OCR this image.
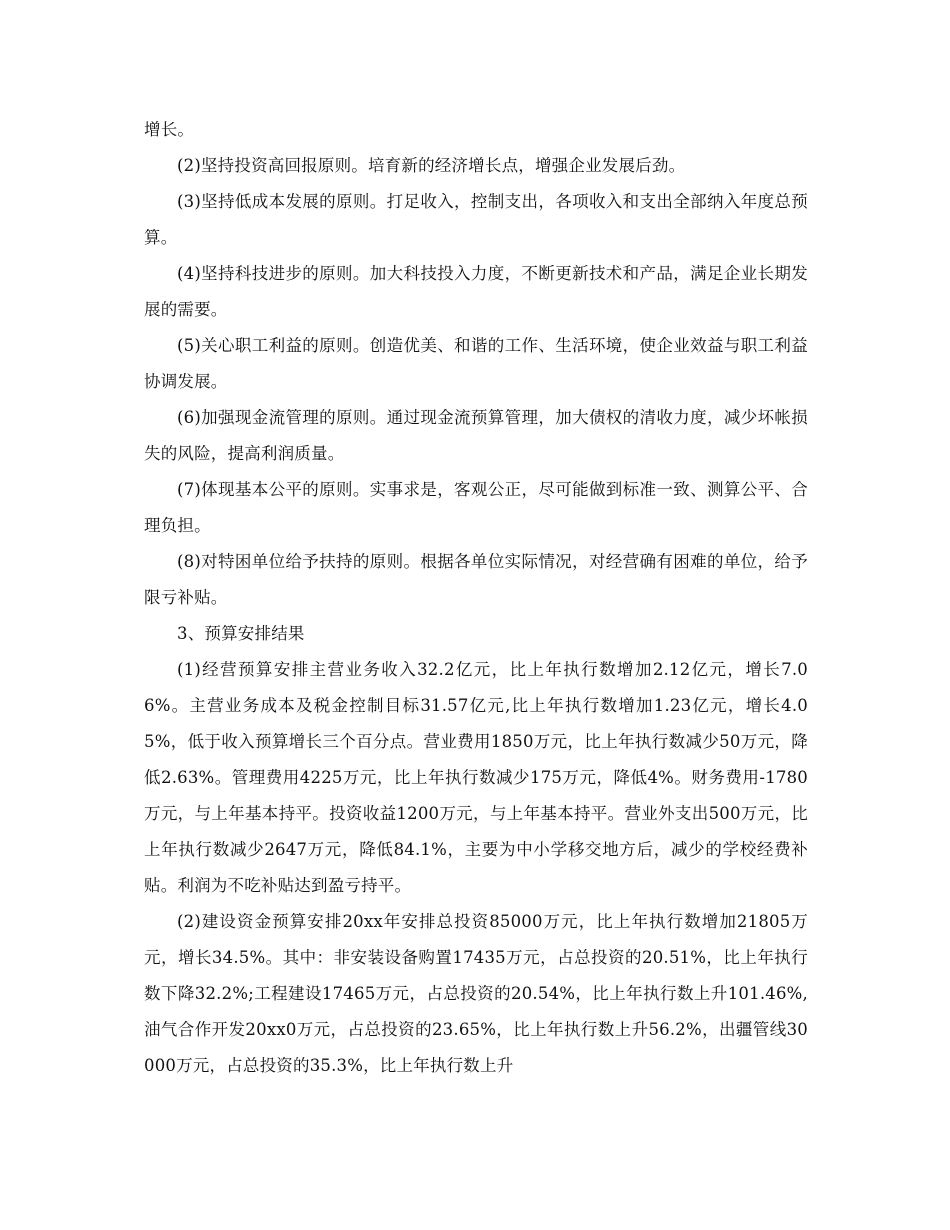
增长。

(2)坚持投资高回报原则。培育新的经济增长点，增强企业发展后劲。

(3)坚持低成本发展的原则。打足收入，控制支出，各项收入和支出全部纳入年度总预算。

(4)坚持科技进步的原则。加大科技投入力度，不断更新技术和产品，满足企业长期发展的需要。

(5)关心职工利益的原则。创造优美、和谐的工作、生活环境，使企业效益与职工利益协调发展。

(6)加强现金流管理的原则。通过现金流预算管理，加大债权的清收力度，减少坏帐损失的风险，提高利润质量。

(7)体现基本公平的原则。实事求是，客观公正，尽可能做到标准一致、测算公平、合理负担。

(8)对特困单位给予扶持的原则。根据各单位实际情况，对经营确有困难的单位，给予限亏补贴。

3、预算安排结果

(1)经营预算安排主营业务收入32.2亿元，比上年执行数增加2.12亿元，增长7.06%。主营业务成本及税金控制目标31.57亿元,比上年执行数增加1.23亿元，增长4.05%，低于收入预算增长三个百分点。营业费用1850万元，比上年执行数减少50万元，降低2.63%。管理费用4225万元，比上年执行数减少175万元，降低4%。财务费用-1780万元，与上年基本持平。投资收益1200万元，与上年基本持平。营业外支出500万元，比上年执行数减少2647万元，降低84.1%，主要为中小学移交地方后，减少的学校经费补贴。利润为不吃补贴达到盈亏持平。

(2)建设资金预算安排20xx年安排总投资85000万元，比上年执行数增加21805万元，增长34.5%。其中：非安装设备购置17435万元，占总投资的20.51%，比上年执行数下降32.2%;工程建设17465万元，占总投资的20.54%，比上年执行数上升101.46%,油气合作开发20xx0万元，占总投资的23.65%，比上年执行数上升56.2%，出疆管线30000万元，占总投资的35.3%，比上年执行数上升
